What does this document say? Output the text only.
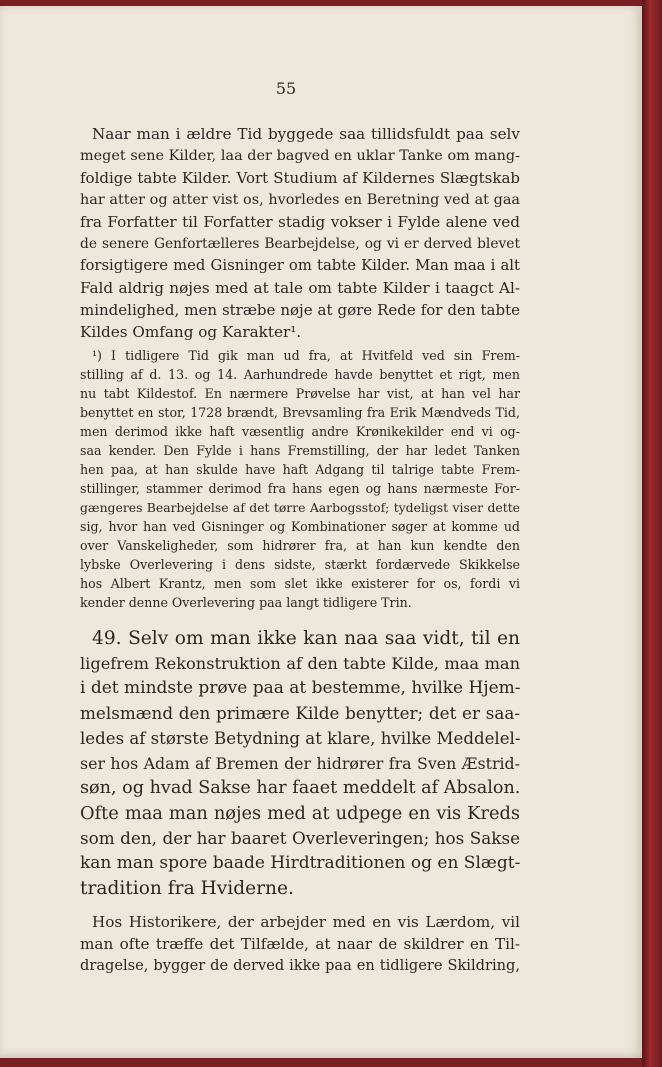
55
Naar man i ældre Tid byggede saa tillidsfuldt paa selv
meget sene Kilder, laa der bagved en uklar Tanke om mang-
foldige tabte Kilder. Vort Studium af Kildernes Slægtskab
har atter og atter vist os, hvorledes en Beretning ved at gaa
fra Forfatter til Forfatter stadig vokser i Fylde alene ved
de senere Genfortælleres Bearbejdelse, og vi er derved blevet
forsigtigere med Gisninger om tabte Kilder. Man maa i alt
Fald aldrig nøjes med at tale om tabte Kilder i taagct Al-
mindelighed, men stræbe nøje at gøre Rede for den tabte
Kildes Omfang og Karakter¹.
¹) I tidligere Tid gik man ud fra, at Hvitfeld ved sin Frem-
stilling af d. 13. og 14. Aarhundrede havde benyttet et rigt, men
nu tabt Kildestof. En nærmere Prøvelse har vist, at han vel har
benyttet en stor, 1728 brændt, Brevsamling fra Erik Mændveds Tid,
men derimod ikke haft væsentlig andre Krønikekilder end vi og-
saa kender. Den Fylde i hans Fremstilling, der har ledet Tanken
hen paa, at han skulde have haft Adgang til talrige tabte Frem-
stillinger, stammer derimod fra hans egen og hans nærmeste For-
gængeres Bearbejdelse af det tørre Aarbogsstof; tydeligst viser dette
sig, hvor han ved Gisninger og Kombinationer søger at komme ud
over Vanskeligheder, som hidrører fra, at han kun kendte den
lybske Overlevering i dens sidste, stærkt fordærvede Skikkelse
hos Albert Krantz, men som slet ikke existerer for os, fordi vi
kender denne Overlevering paa langt tidligere Trin.
49. Selv om man ikke kan naa saa vidt, til en
ligefrem Rekonstruktion af den tabte Kilde, maa man
i det mindste prøve paa at bestemme, hvilke Hjem-
melsmænd den primære Kilde benytter; det er saa-
ledes af største Betydning at klare, hvilke Meddelel-
ser hos Adam af Bremen der hidrører fra Sven Æstrid-
søn, og hvad Sakse har faaet meddelt af Absalon.
Ofte maa man nøjes med at udpege en vis Kreds
som den, der har baaret Overleveringen; hos Sakse
kan man spore baade Hirdtraditionen og en Slægt-
tradition fra Hviderne.
Hos Historikere, der arbejder med en vis Lærdom, vil
man ofte træffe det Tilfælde, at naar de skildrer en Til-
dragelse, bygger de derved ikke paa en tidligere Skildring,
